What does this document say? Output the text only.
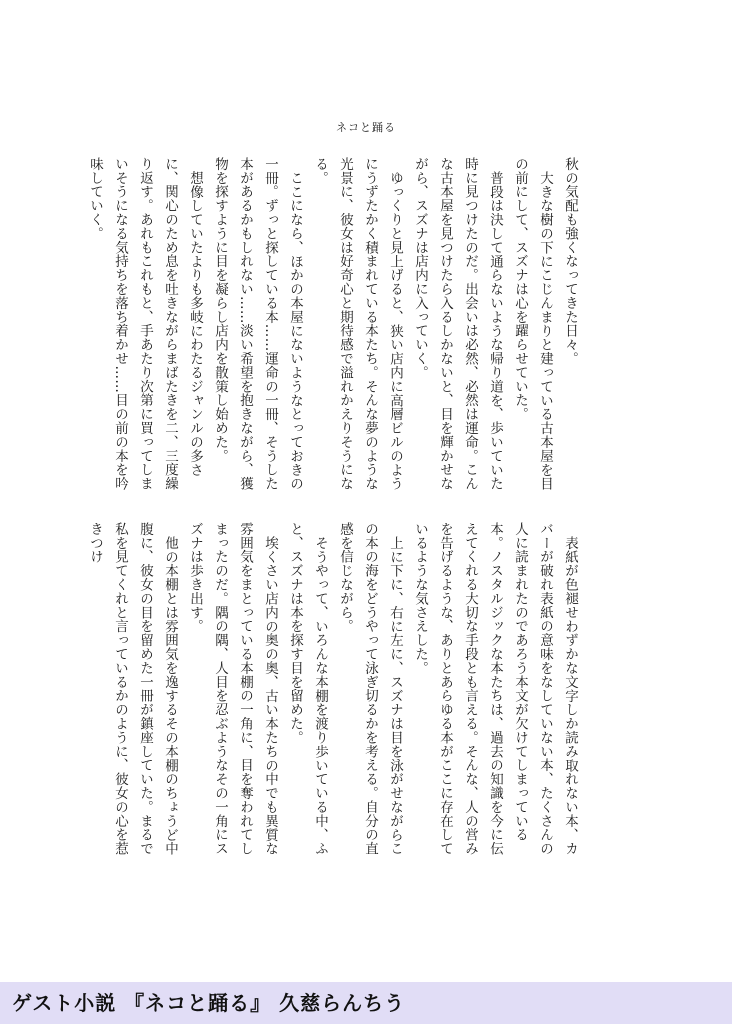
ネコと踊る

秋の気配も強くなってきた日々。

大きな樹の下にこじんまりと建っている古本屋を目の前にして、スズナは心を躍らせていた。

普段は決して通らないような帰り道を、歩いていた時に見つけたのだ。出会いは必然、必然は運命。こんな古本屋を見つけたら入るしかないと、目を輝かせながら、スズナは店内に入っていく。

ゆっくりと見上げると、狭い店内に高層ビルのようにうずたかく積まれている本たち。そんな夢のような光景に、彼女は好奇心と期待感で溢れかえりそうになる。

ここになら、ほかの本屋にないようなとっておきの一冊。ずっと探している本……運命の一冊、そうした本があるかもしれない……淡い希望を抱きながら、獲物を探すように目を凝らし店内を散策し始めた。

想像していたよりも多岐にわたるジャンルの多さに、関心のため息を吐きながらまばたきを二、三度繰り返す。あれもこれもと、手あたり次第に買ってしまいそうになる気持ちを落ち着かせ……目の前の本を吟味していく。

表紙が色褪せわずかな文字しか読み取れない本、カバーが破れ表紙の意味をなしていない本、たくさんの人に読まれたのであろう本文が欠けてしまっている本。ノスタルジックな本たちは、過去の知識を今に伝えてくれる大切な手段とも言える。そんな、人の営みを告げるような、ありとあらゆる本がここに存在しているような気さえした。

上に下に、右に左に、スズナは目を泳がせながらこの本の海をどうやって泳ぎ切るかを考える。自分の直感を信じながら。

そうやって、いろんな本棚を渡り歩いている中、ふと、スズナは本を探す目を留めた。

埃くさい店内の奥の奥、古い本たちの中でも異質な雰囲気をまとっている本棚の一角に、目を奪われてしまったのだ。隅の隅、人目を忍ぶようなその一角にスズナは歩き出す。

他の本棚とは雰囲気を逸するその本棚のちょうど中腹に、彼女の目を留めた一冊が鎮座していた。まるで私を見てくれと言っているかのように、彼女の心を惹きつけ

ゲスト小説 『ネコと踊る』 久慈らんちう
